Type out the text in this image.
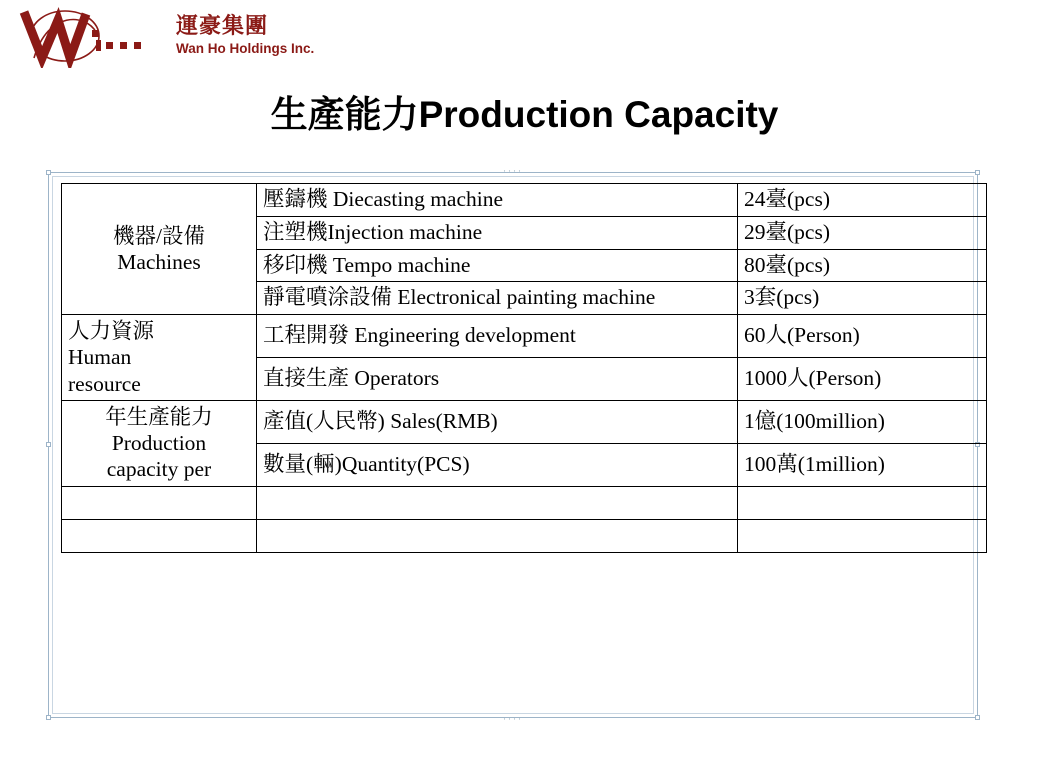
運豪集團
Wan Ho Holdings Inc.
生產能力Production Capacity
····
····
機器/設備
Machines	壓鑄機 Diecasting machine	24臺(pcs)
	注塑機Injection machine	29臺(pcs)
	移印機 Tempo machine	80臺(pcs)
	靜電噴涂設備 Electronical painting machine	3套(pcs)

人力資源
Human
resource	工程開發 Engineering development	60人(Person)
	直接生產 Operators	1000人(Person)

年生產能力
Production
capacity per	產值(人民幣) Sales(RMB)	1億(100million)
	數量(輛)Quantity(PCS)	100萬(1million)
